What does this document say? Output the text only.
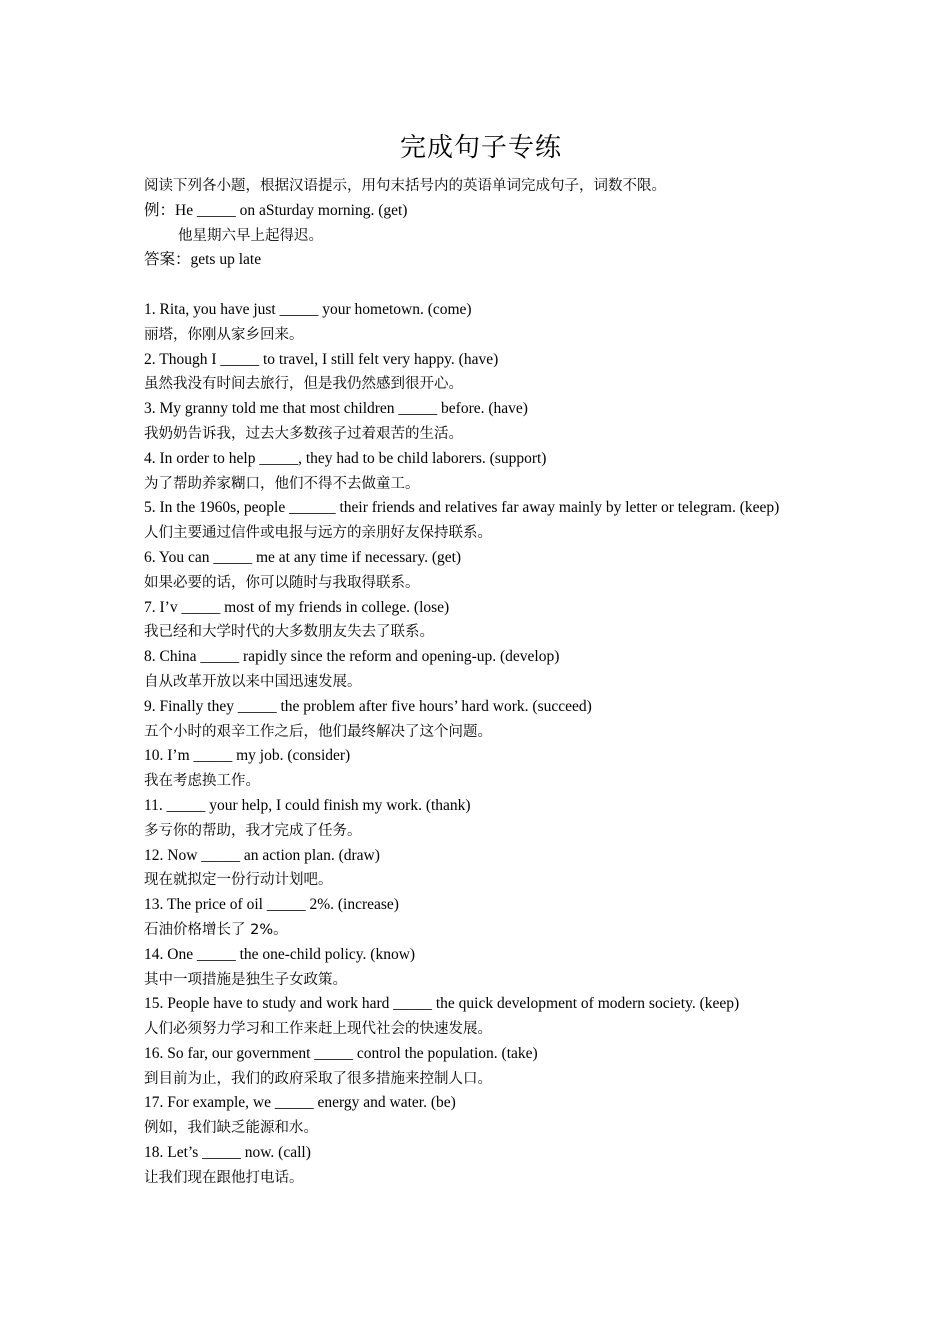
完成句子专练

阅读下列各小题，根据汉语提示，用句末括号内的英语单词完成句子，词数不限。

例：He _____ on aSturday morning. (get)

他星期六早上起得迟。

答案：gets up late

1. Rita, you have just _____ your hometown. (come)

丽塔，你刚从家乡回来。

2. Though I _____ to travel, I still felt very happy. (have)

虽然我没有时间去旅行，但是我仍然感到很开心。

3. My granny told me that most children _____ before. (have)

我奶奶告诉我，过去大多数孩子过着艰苦的生活。

4. In order to help _____, they had to be child laborers. (support)

为了帮助养家糊口，他们不得不去做童工。

5. In the 1960s, people ______ their friends and relatives far away mainly by letter or telegram. (keep)

人们主要通过信件或电报与远方的亲朋好友保持联系。

6. You can _____ me at any time if necessary. (get)

如果必要的话，你可以随时与我取得联系。

7. I’v _____ most of my friends in college. (lose)

我已经和大学时代的大多数朋友失去了联系。

8. China _____ rapidly since the reform and opening-up. (develop)

自从改革开放以来中国迅速发展。

9. Finally they _____ the problem after five hours’ hard work. (succeed)

五个小时的艰辛工作之后，他们最终解决了这个问题。

10. I’m _____ my job. (consider)

我在考虑换工作。

11. _____ your help, I could finish my work. (thank)

多亏你的帮助，我才完成了任务。

12. Now _____ an action plan. (draw)

现在就拟定一份行动计划吧。

13. The price of oil _____ 2%. (increase)

石油价格增长了 2%。

14. One _____ the one-child policy. (know)

其中一项措施是独生子女政策。

15. People have to study and work hard _____ the quick development of modern society. (keep)

人们必须努力学习和工作来赶上现代社会的快速发展。

16. So far, our government _____ control the population. (take)

到目前为止，我们的政府采取了很多措施来控制人口。

17. For example, we _____ energy and water. (be)

例如，我们缺乏能源和水。

18. Let’s _____ now. (call)

让我们现在跟他打电话。
